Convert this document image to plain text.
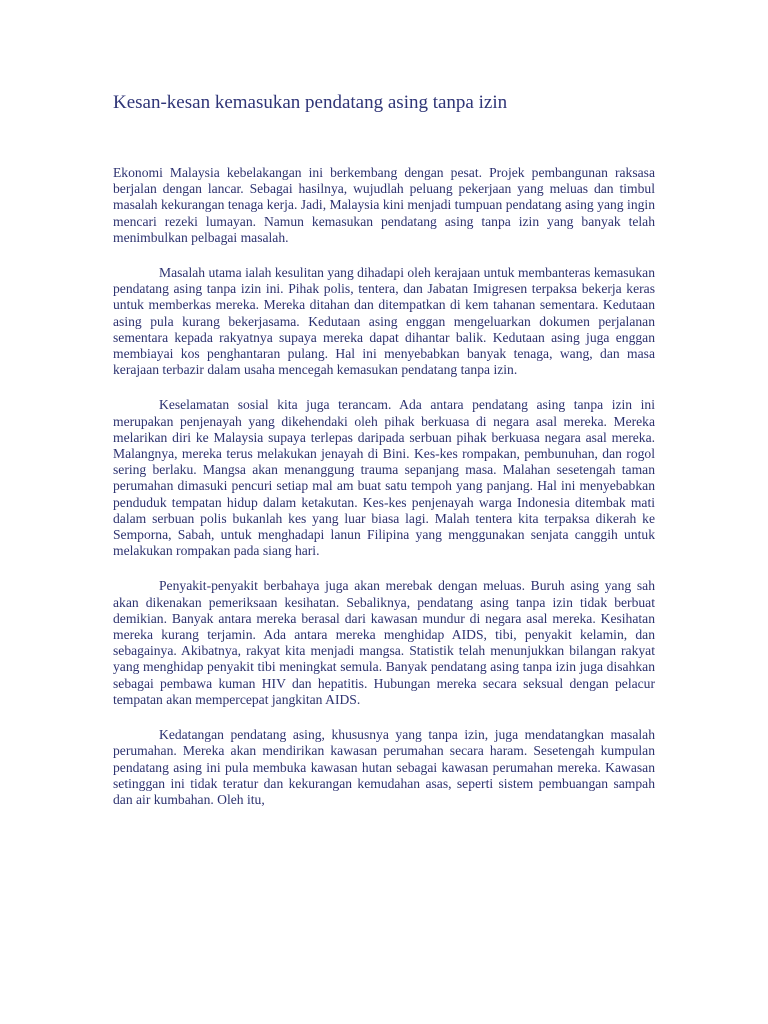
Kesan-kesan kemasukan pendatang asing tanpa izin

Ekonomi Malaysia kebelakangan ini berkembang dengan pesat. Projek pembangunan raksasa berjalan dengan lancar. Sebagai hasilnya, wujudlah peluang pekerjaan yang meluas dan timbul masalah kekurangan tenaga kerja. Jadi, Malaysia kini menjadi tumpuan pendatang asing yang ingin mencari rezeki lumayan. Namun kemasukan pendatang asing tanpa izin yang banyak telah menimbulkan pelbagai masalah.

Masalah utama ialah kesulitan yang dihadapi oleh kerajaan untuk membanteras kemasukan pendatang asing tanpa izin ini. Pihak polis, tentera, dan Jabatan Imigresen terpaksa bekerja keras untuk memberkas mereka. Mereka ditahan dan ditempatkan di kem tahanan sementara. Kedutaan asing pula kurang bekerjasama. Kedutaan asing enggan mengeluarkan dokumen perjalanan sementara kepada rakyatnya supaya mereka dapat dihantar balik. Kedutaan asing juga enggan membiayai kos penghantaran pulang. Hal ini menyebabkan banyak tenaga, wang, dan masa kerajaan terbazir dalam usaha mencegah kemasukan pendatang tanpa izin.

Keselamatan sosial kita juga terancam. Ada antara pendatang asing tanpa izin ini merupakan penjenayah yang dikehendaki oleh pihak berkuasa di negara asal mereka. Mereka melarikan diri ke Malaysia supaya terlepas daripada serbuan pihak berkuasa negara asal mereka. Malangnya, mereka terus melakukan jenayah di Bini. Kes-kes rompakan, pembunuhan, dan rogol sering berlaku. Mangsa akan menanggung trauma sepanjang masa. Malahan sesetengah taman perumahan dimasuki pencuri setiap mal am buat satu tempoh yang panjang. Hal ini menyebabkan penduduk tempatan hidup dalam ketakutan. Kes-kes penjenayah warga Indonesia ditembak mati dalam serbuan polis bukanlah kes yang luar biasa lagi. Malah tentera kita terpaksa dikerah ke Semporna, Sabah, untuk menghadapi lanun Filipina yang menggunakan senjata canggih untuk melakukan rompakan pada siang hari.

Penyakit-penyakit berbahaya juga akan merebak dengan meluas. Buruh asing yang sah akan dikenakan pemeriksaan kesihatan. Sebaliknya, pendatang asing tanpa izin tidak berbuat demikian. Banyak antara mereka berasal dari kawasan mundur di negara asal mereka. Kesihatan mereka kurang terjamin. Ada antara mereka menghidap AIDS, tibi, penyakit kelamin, dan sebagainya. Akibatnya, rakyat kita menjadi mangsa. Statistik telah menunjukkan bilangan rakyat yang menghidap penyakit tibi meningkat semula. Banyak pendatang asing tanpa izin juga disahkan sebagai pembawa kuman HIV dan hepatitis. Hubungan mereka secara seksual dengan pelacur tempatan akan mempercepat jangkitan AIDS.

Kedatangan pendatang asing, khususnya yang tanpa izin, juga mendatangkan masalah perumahan. Mereka akan mendirikan kawasan perumahan secara haram. Sesetengah kumpulan pendatang asing ini pula membuka kawasan hutan sebagai kawasan perumahan mereka. Kawasan setinggan ini tidak teratur dan kekurangan kemudahan asas, seperti sistem pembuangan sampah dan air kumbahan. Oleh itu,
